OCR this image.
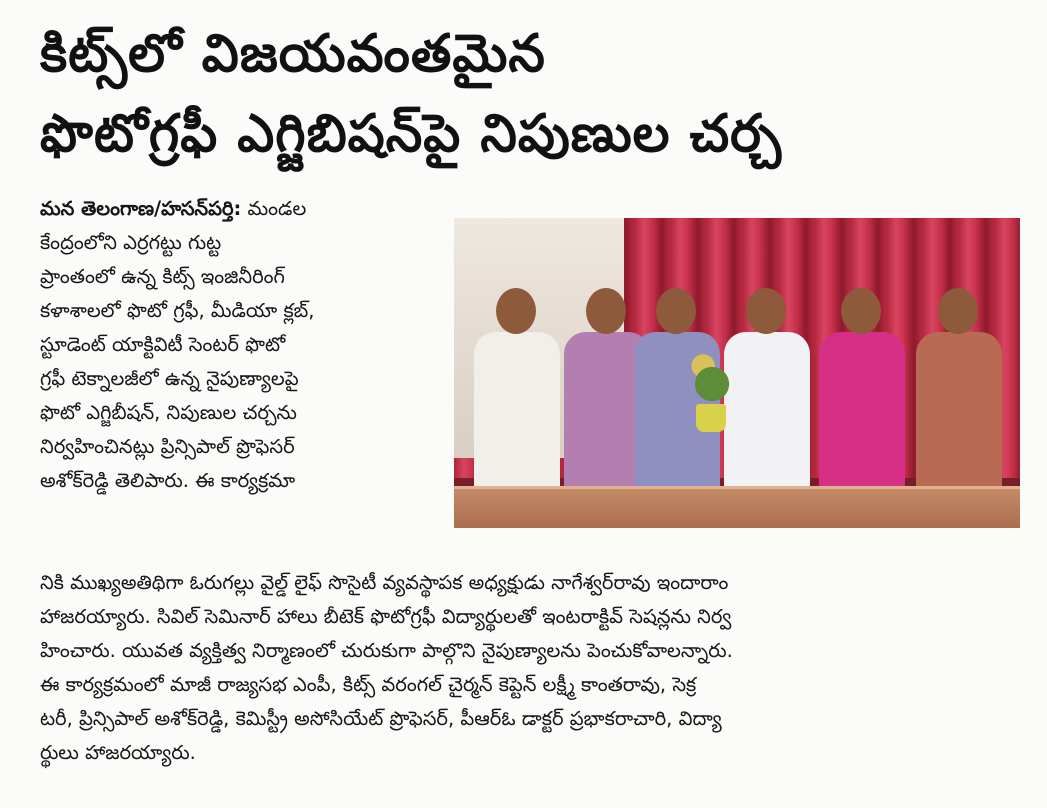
కిట్స్‌లో విజయవంతమైన
ఫొటోగ్రఫీ ఎగ్జిబిషన్‌పై నిపుణుల చర్చ
మన తెలంగాణ/హసన్‌పర్తి: మండల
కేంద్రంలోని ఎర్రగట్టు గుట్ట
ప్రాంతంలో ఉన్న కిట్స్ ఇంజినీరింగ్
కళాశాలలో ఫొటో గ్రఫీ, మీడియా క్లబ్,
స్టూడెంట్ యాక్టివిటీ సెంటర్ ఫొటో
గ్రఫీ టెక్నాలజీలో ఉన్న నైపుణ్యాలపై
ఫొటో ఎగ్జిబీషన్, నిపుణుల చర్చను
నిర్వహించినట్లు ప్రిన్సిపాల్ ప్రొఫెసర్
అశోక్‌రెడ్డి తెలిపారు. ఈ కార్యక్రమా
నికి ముఖ్యఅతిథిగా ఓరుగల్లు వైల్డ్ లైఫ్ సొసైటీ వ్యవస్థాపక అధ్యక్షుడు నాగేశ్వర్‌రావు ఇందారాం
హాజరయ్యారు. సివిల్ సెమినార్ హాలు బీటెక్ ఫొటోగ్రఫీ విద్యార్థులతో ఇంటరాక్టివ్ సెషన్లను నిర్వ
హించారు. యువత వ్యక్తిత్వ నిర్మాణంలో చురుకుగా పాల్గొని నైపుణ్యాలను పెంచుకోవాలన్నారు.
ఈ కార్యక్రమంలో మాజీ రాజ్యసభ ఎంపీ, కిట్స్ వరంగల్ చైర్మన్ కెప్టెన్ లక్ష్మీ కాంతరావు, సెక్ర
టరీ, ప్రిన్సిపాల్ అశోక్‌రెడ్డి, కెమిస్ట్రీ అసోసియేట్ ప్రొఫెసర్, పీఆర్‌ఓ డాక్టర్ ప్రభాకరాచారి, విద్యా
ర్థులు హాజరయ్యారు.
